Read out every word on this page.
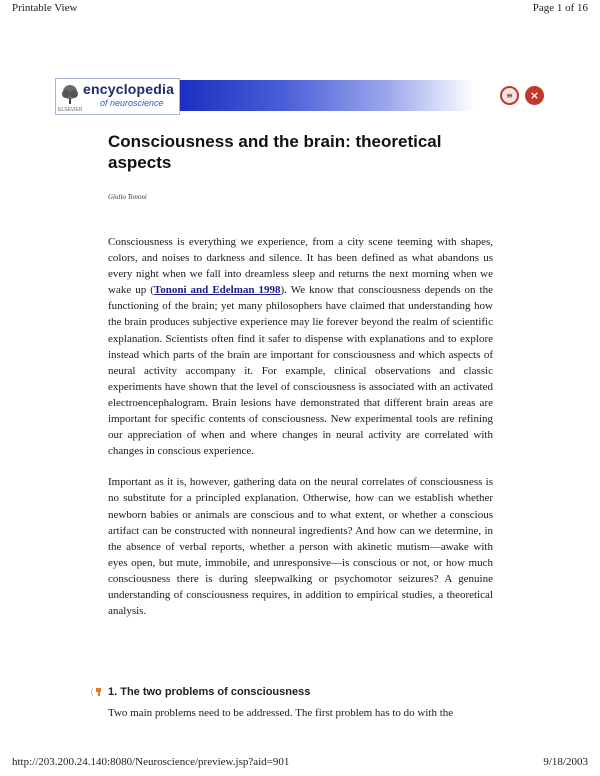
Printable View	Page 1 of 16
ELSEVIER
encyclopedia
of neuroscience
≡ ×
Consciousness and the brain: theoretical aspects
Giulio Tononi

Consciousness is everything we experience, from a city scene teeming with shapes, colors, and noises to darkness and silence. It has been defined as what abandons us every night when we fall into dreamless sleep and returns the next morning when we wake up (Tononi and Edelman 1998). We know that consciousness depends on the functioning of the brain; yet many philosophers have claimed that understanding how the brain produces subjective experience may lie forever beyond the realm of scientific explanation. Scientists often find it safer to dispense with explanations and to explore instead which parts of the brain are important for consciousness and which aspects of neural activity accompany it. For example, clinical observations and classic experiments have shown that the level of consciousness is associated with an activated electroencephalogram. Brain lesions have demonstrated that different brain areas are important for specific contents of consciousness. New experimental tools are refining our appreciation of when and where changes in neural activity are correlated with changes in conscious experience.

Important as it is, however, gathering data on the neural correlates of consciousness is no substitute for a principled explanation. Otherwise, how can we establish whether newborn babies or animals are conscious and to what extent, or whether a conscious artifact can be constructed with nonneural ingredients? And how can we determine, in the absence of verbal reports, whether a person with akinetic mutism—awake with eyes open, but mute, immobile, and unresponsive—is conscious or not, or how much consciousness there is during sleepwalking or psychomotor seizures? A genuine understanding of consciousness requires, in addition to empirical studies, a theoretical analysis.

1. The two problems of consciousness
Two main problems need to be addressed. The first problem has to do with the
http://203.200.24.140:8080/Neuroscience/preview.jsp?aid=901	9/18/2003
